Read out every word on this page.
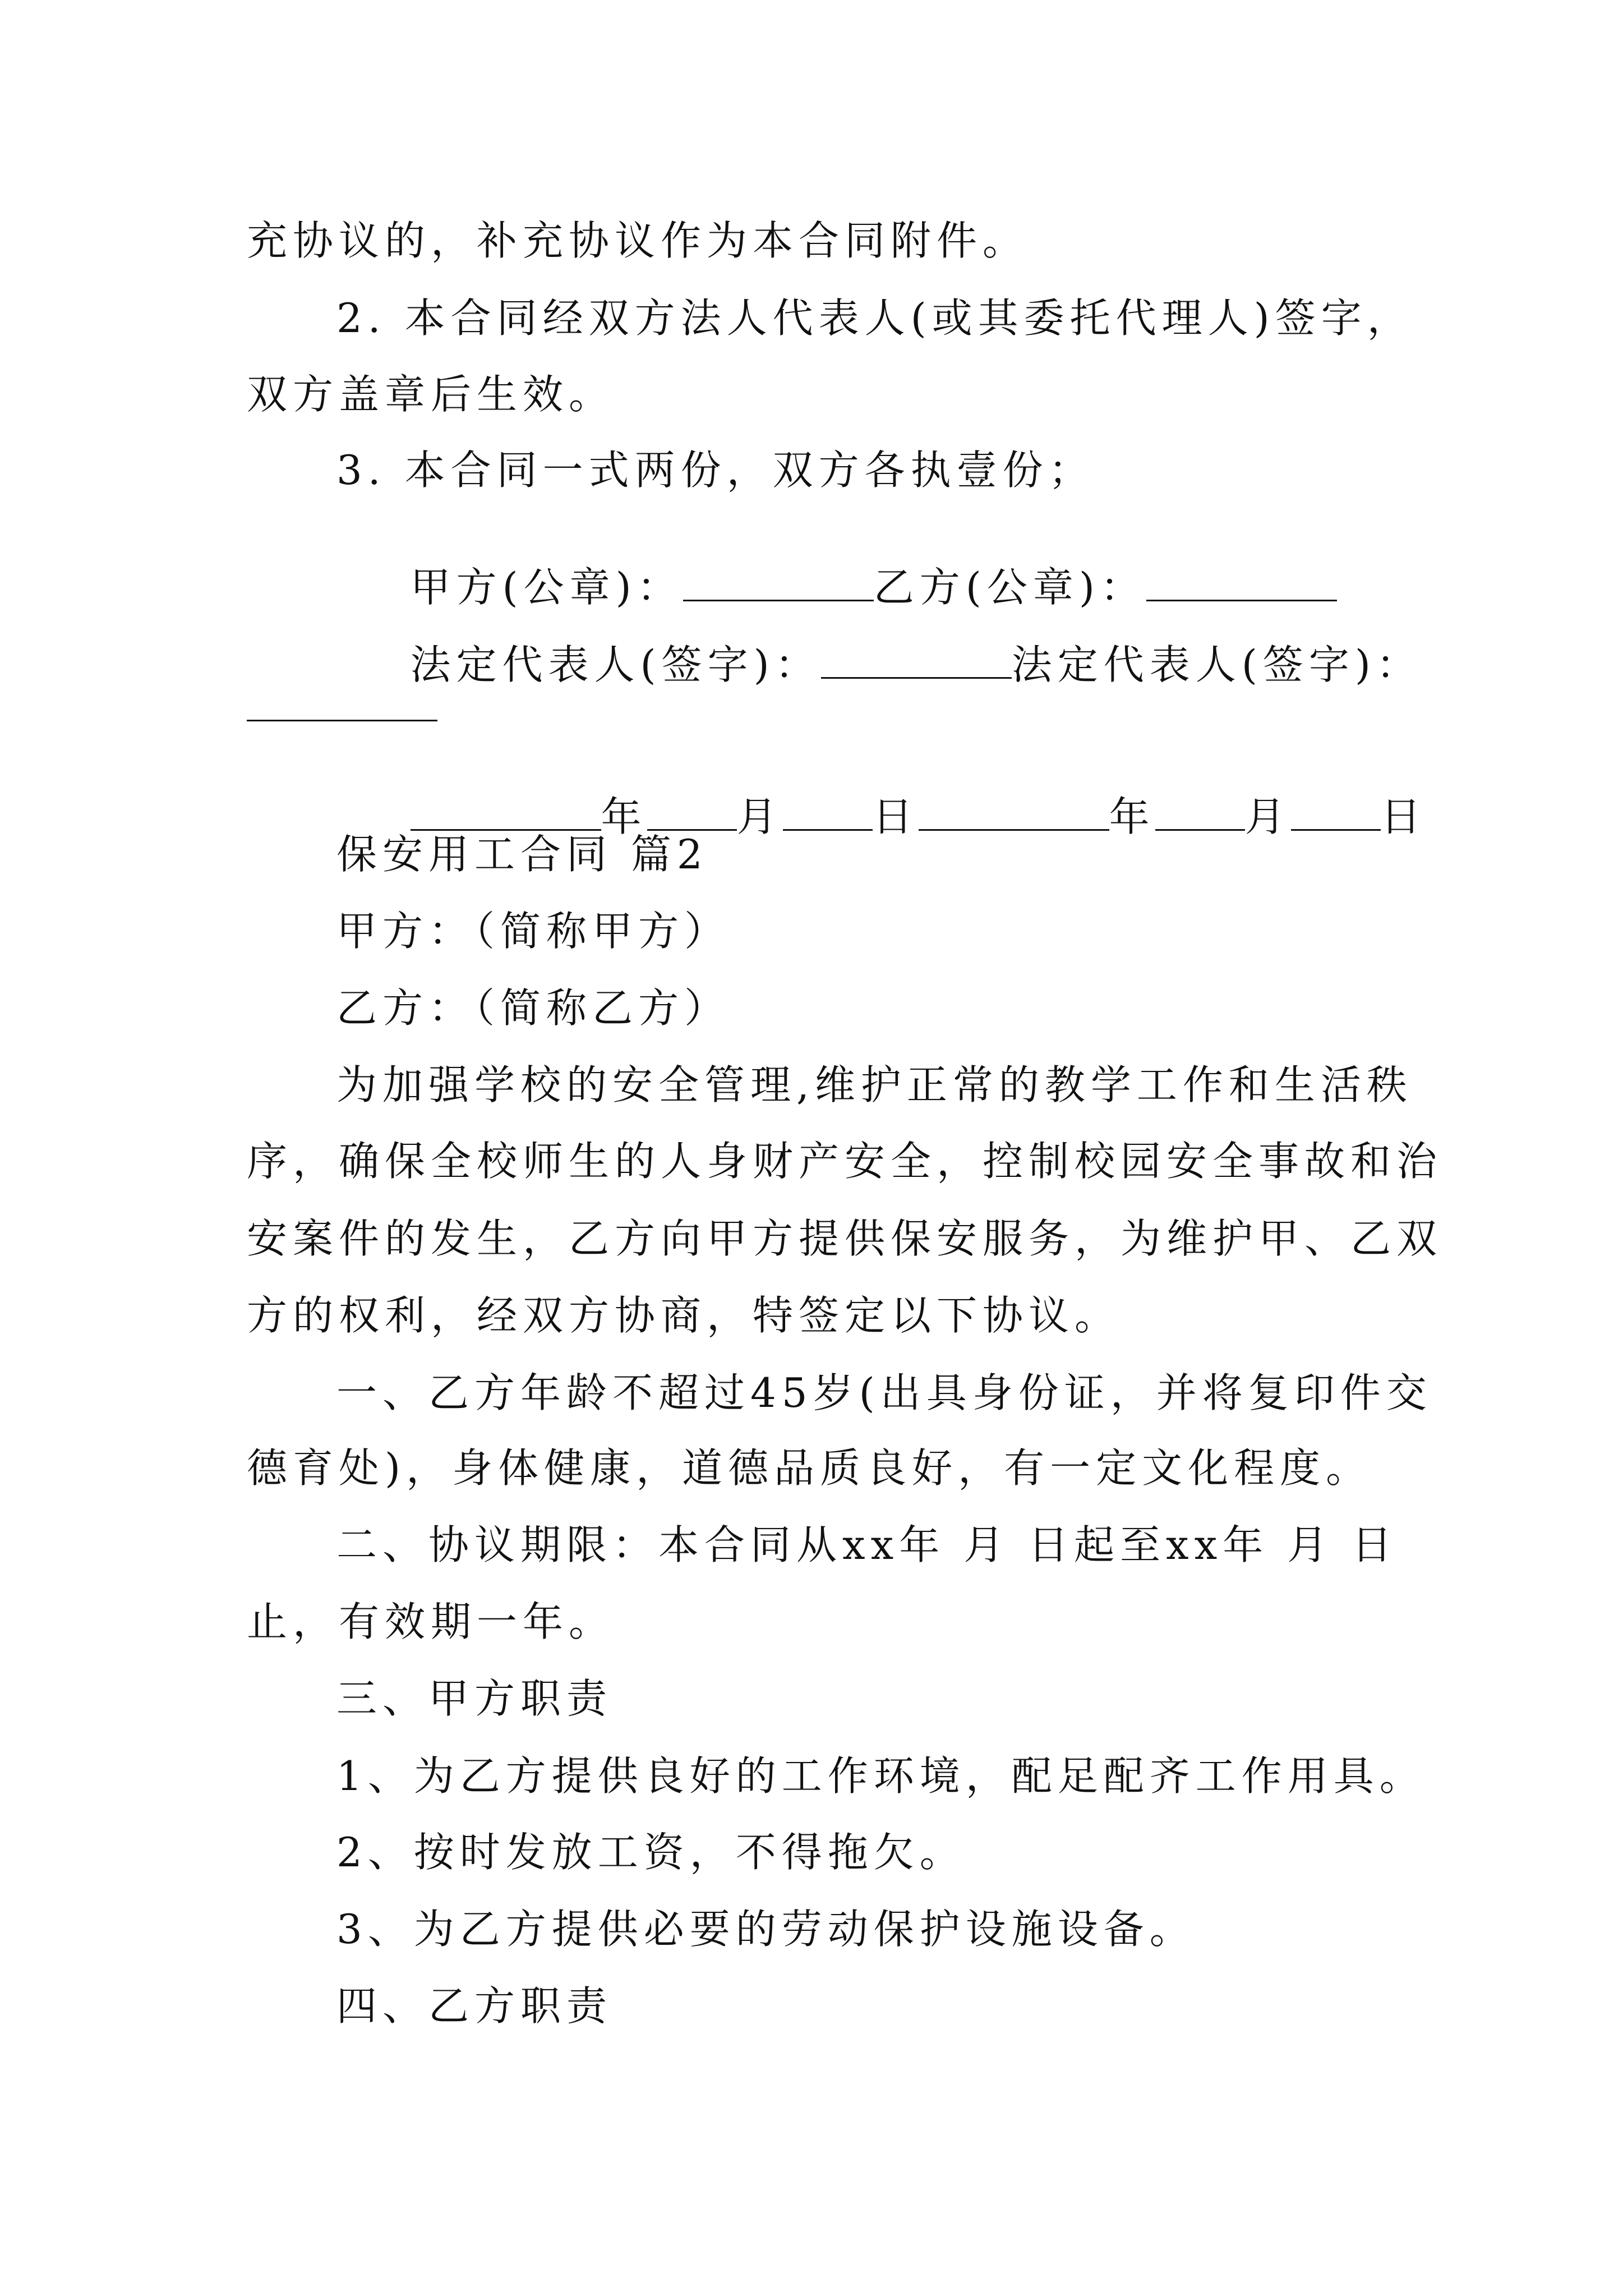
充协议的，补充协议作为本合同附件。
2. 本合同经双方法人代表人(或其委托代理人)签字，
双方盖章后生效。
3. 本合同一式两份，双方各执壹份；

甲方(公章)：	乙方(公章)：

法定代表人(签字)：	法定代表人(签字)：

年 月 日	年 月 日

保安用工合同 篇2
甲方：（简称甲方）
乙方：（简称乙方）
为加强学校的安全管理,维护正常的教学工作和生活秩
序，确保全校师生的人身财产安全，控制校园安全事故和治
安案件的发生，乙方向甲方提供保安服务，为维护甲、乙双
方的权利，经双方协商，特签定以下协议。
一、乙方年龄不超过45岁(出具身份证，并将复印件交
德育处)，身体健康，道德品质良好，有一定文化程度。
二、协议期限：本合同从xx年 月 日起至xx年 月 日
止，有效期一年。
三、甲方职责
1、为乙方提供良好的工作环境，配足配齐工作用具。
2、按时发放工资，不得拖欠。
3、为乙方提供必要的劳动保护设施设备。
四、乙方职责
